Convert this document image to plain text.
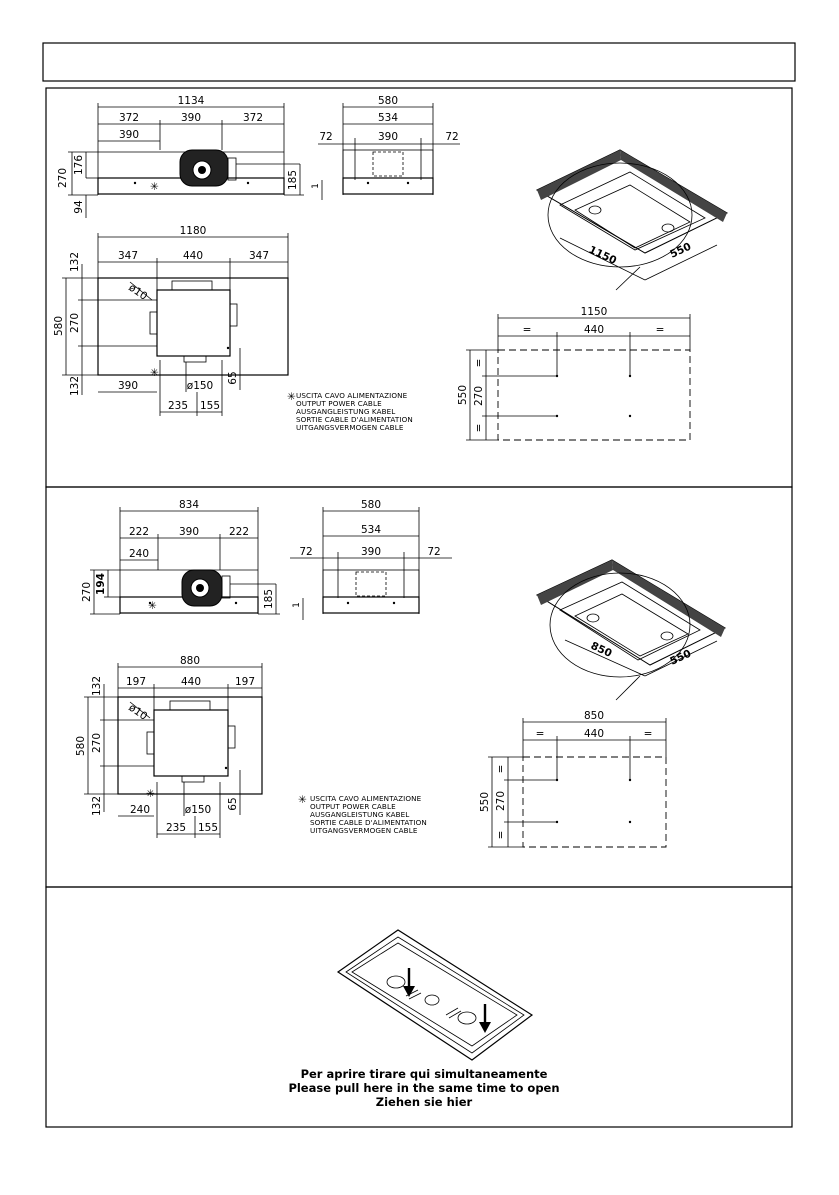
1134
372	390	372
390
✳
270
176
94
185
580
534
72	390	72
1
1180
347	440	347
ø10
580 270
132
132
✳
390	ø150
235 155
65
✳ USCITA CAVO ALIMENTAZIONE
OUTPUT POWER CABLE
AUSGANGLEISTUNG KABEL
SORTIE CABLE D'ALIMENTATION
UITGANGSVERMOGEN CABLE
1150	550
1150
=	440	=
550 270
=
=
834
222	390	222
240
✳
270 194
185
580
534
72	390	72
1
880
197	440	197
ø10
580 270
132
132
✳
240	ø150
235 155
65	✳ USCITA CAVO ALIMENTAZIONE
OUTPUT POWER CABLE
AUSGANGLEISTUNG KABEL
SORTIE CABLE D'ALIMENTATION
UITGANGSVERMOGEN CABLE
850	550
850
=	440	=
550 270
=
=
Per aprire tirare qui simultaneamente
Please pull here in the same time to open
Ziehen sie hier
